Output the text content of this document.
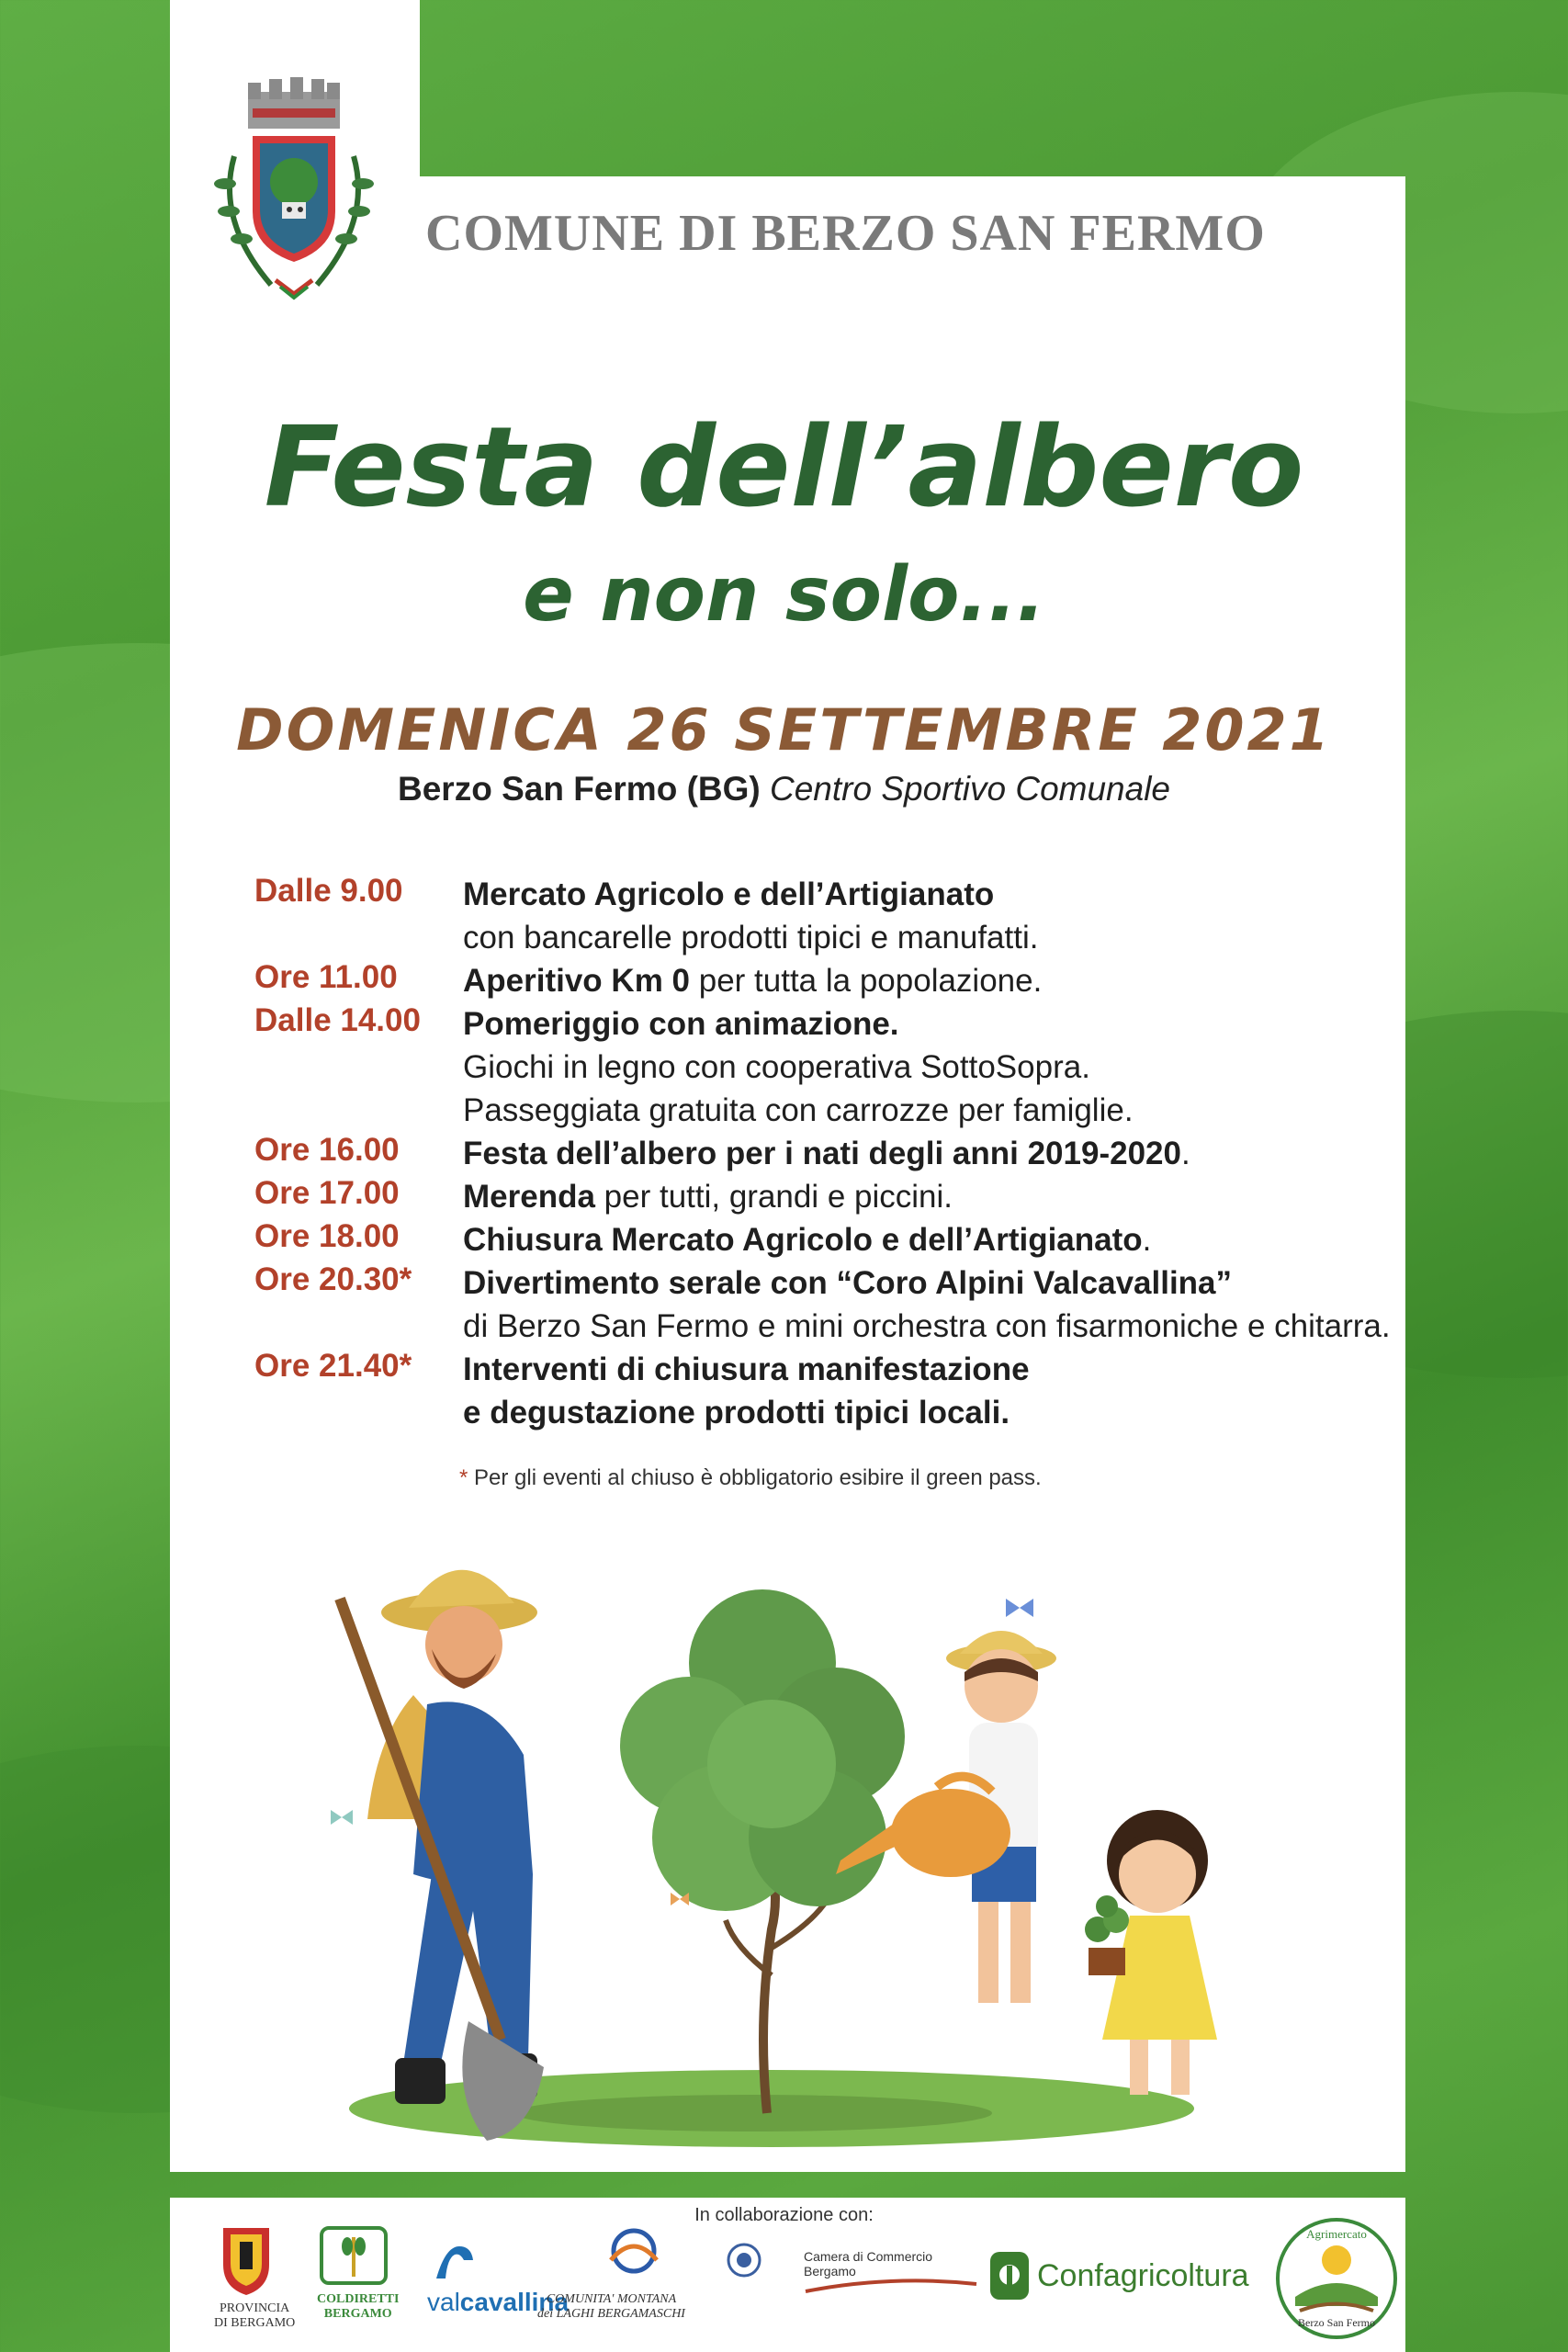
COMUNE DI BERZO SAN FERMO
Festa dell’albero
e non solo...
DOMENICA 26 SETTEMBRE 2021
Berzo San Fermo (BG) Centro Sportivo Comunale
Dalle 9.00 Mercato Agricolo e dell’Artigianato
con bancarelle prodotti tipici e manufatti.
Ore 11.00 Aperitivo Km 0 per tutta la popolazione.
Dalle 14.00 Pomeriggio con animazione.
Giochi in legno con cooperativa SottoSopra.
Passeggiata gratuita con carrozze per famiglie.
Ore 16.00 Festa dell’albero per i nati degli anni 2019-2020.
Ore 17.00 Merenda per tutti, grandi e piccini.
Ore 18.00 Chiusura Mercato Agricolo e dell’Artigianato.
Ore 20.30* Divertimento serale con “Coro Alpini Valcavallina”
di Berzo San Fermo e mini orchestra con fisarmoniche e chitarra.
Ore 21.40* Interventi di chiusura manifestazione
e degustazione prodotti tipici locali.
* Per gli eventi al chiuso è obbligatorio esibire il green pass.
In collaborazione con:
PROVINCIA
DI BERGAMO
COLDIRETTI
BERGAMO valcavallina
COMUNITA' MONTANA
dei LAGHI BERGAMASCHI
Camera di Commercio
Bergamo	Confagricoltura
Agrimercato
Berzo San Fermo
